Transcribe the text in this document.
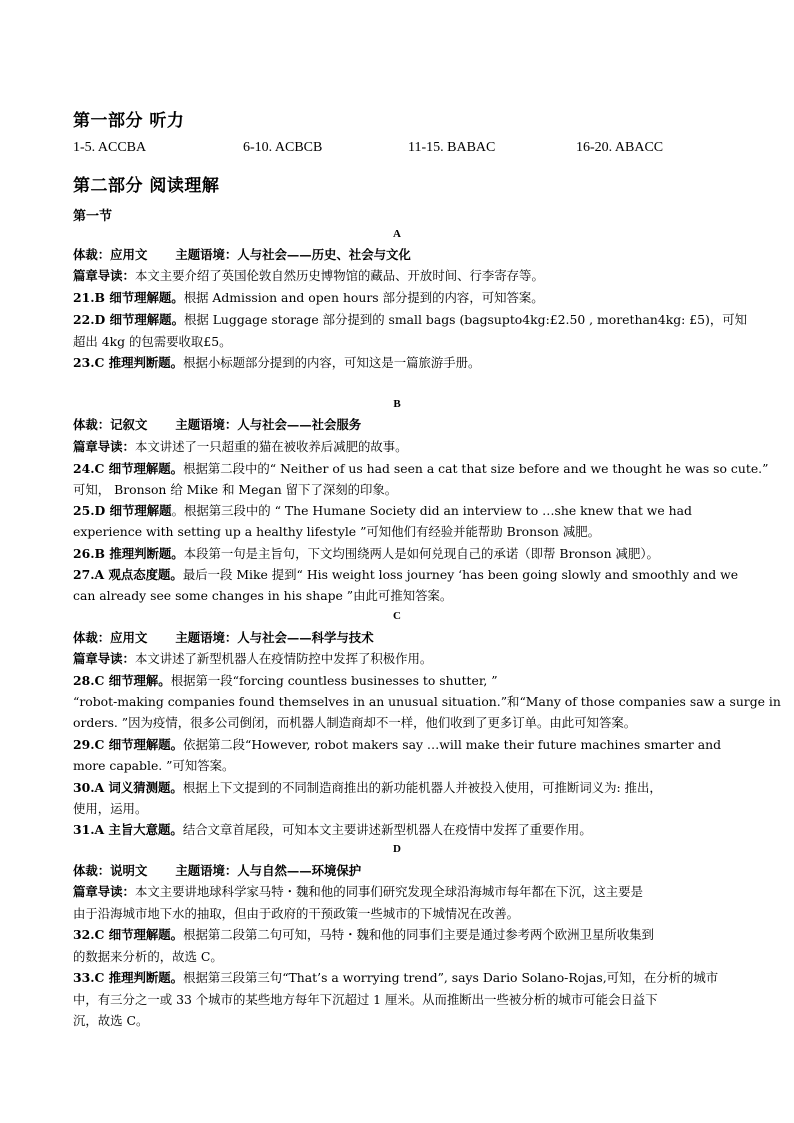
第一部分 听力
1-5. ACCBA	6-10. ACBCB	11-15. BABAC	16-20. ABACC
第二部分 阅读理解
第一节
A
体裁：应用文 主题语境：人与社会——历史、社会与文化
篇章导读：本文主要介绍了英国伦敦自然历史博物馆的藏品、开放时间、行李寄存等。
21.B 细节理解题。根据 Admission and open hours 部分提到的内容，可知答案。
22.D 细节理解题。根据 Luggage storage 部分提到的 small bags (bagsupto4kg:£2.50 , morethan4kg: £5)，可知
超出 4kg 的包需要收取£5。
23.C 推理判断题。根据小标题部分提到的内容，可知这是一篇旅游手册。
B
体裁：记叙文 主题语境：人与社会——社会服务
篇章导读：本文讲述了一只超重的猫在被收养后减肥的故事。
24.C 细节理解题。根据第二段中的“ Neither of us had seen a cat that size before and we thought he was so cute.”
可知， Bronson 给 Mike 和 Megan 留下了深刻的印象。
25.D 细节理解题。根据第三段中的 “ The Humane Society did an interview to …she knew that we had
experience with setting up a healthy lifestyle ”可知他们有经验并能帮助 Bronson 减肥。
26.B 推理判断题。本段第一句是主旨句，下文均围绕两人是如何兑现自己的承诺（即帮 Bronson 减肥）。
27.A 观点态度题。最后一段 Mike 提到“ His weight loss journey ‘has been going slowly and smoothly and we
can already see some changes in his shape ”由此可推知答案。
C
体裁：应用文 主题语境：人与社会——科学与技术
篇章导读：本文讲述了新型机器人在疫情防控中发挥了积极作用。
28.C 细节理解。根据第一段“forcing countless businesses to shutter, ”
“robot-making companies found themselves in an unusual situation.”和“Many of those companies saw a surge in
orders. ”因为疫情，很多公司倒闭，而机器人制造商却不一样，他们收到了更多订单。由此可知答案。
29.C 细节理解题。依据第二段“However, robot makers say …will make their future machines smarter and
more capable. ”可知答案。
30.A 词义猜测题。根据上下文提到的不同制造商推出的新功能机器人并被投入使用，可推断词义为: 推出，
使用，运用。
31.A 主旨大意题。结合文章首尾段，可知本文主要讲述新型机器人在疫情中发挥了重要作用。
D
体裁：说明文 主题语境：人与自然——环境保护
篇章导读：本文主要讲地球科学家马特・魏和他的同事们研究发现全球沿海城市每年都在下沉，这主要是
由于沿海城市地下水的抽取，但由于政府的干预政策一些城市的下城情况在改善。
32.C 细节理解题。根据第二段第二句可知，马特・魏和他的同事们主要是通过参考两个欧洲卫星所收集到
的数据来分析的，故选 C。
33.C 推理判断题。根据第三段第三句“That’s a worrying trend”, says Dario Solano-Rojas,可知，在分析的城市
中，有三分之一或 33 个城市的某些地方每年下沉超过 1 厘米。从而推断出一些被分析的城市可能会日益下
沉，故选 C。
